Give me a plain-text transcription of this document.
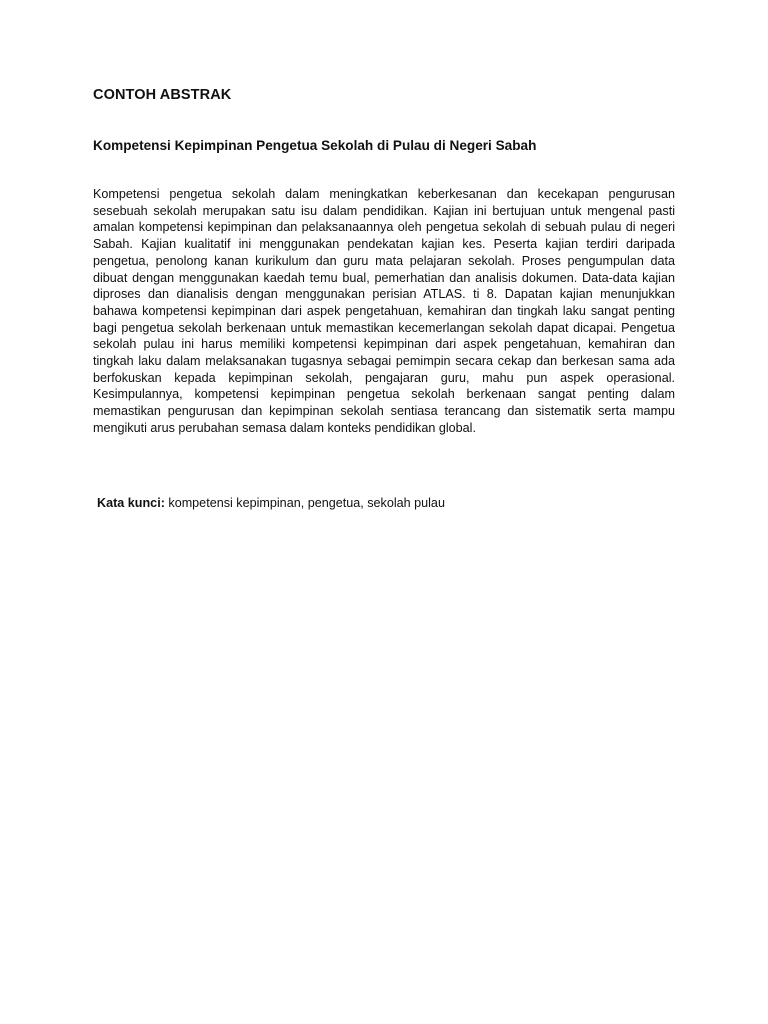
CONTOH ABSTRAK

Kompetensi Kepimpinan Pengetua Sekolah di Pulau di Negeri Sabah

Kompetensi pengetua sekolah dalam meningkatkan keberkesanan dan kecekapan pengurusan sesebuah sekolah merupakan satu isu dalam pendidikan. Kajian ini bertujuan untuk mengenal pasti amalan kompetensi kepimpinan dan pelaksanaannya oleh pengetua sekolah di sebuah pulau di negeri Sabah. Kajian kualitatif ini menggunakan pendekatan kajian kes. Peserta kajian terdiri daripada pengetua, penolong kanan kurikulum dan guru mata pelajaran sekolah. Proses pengumpulan data dibuat dengan menggunakan kaedah temu bual, pemerhatian dan analisis dokumen. Data-data kajian diproses dan dianalisis dengan menggunakan perisian ATLAS. ti 8. Dapatan kajian menunjukkan bahawa kompetensi kepimpinan dari aspek pengetahuan, kemahiran dan tingkah laku sangat penting bagi pengetua sekolah berkenaan untuk memastikan kecemerlangan sekolah dapat dicapai. Pengetua sekolah pulau ini harus memiliki kompetensi kepimpinan dari aspek pengetahuan, kemahiran dan tingkah laku dalam melaksanakan tugasnya sebagai pemimpin secara cekap dan berkesan sama ada berfokuskan kepada kepimpinan sekolah, pengajaran guru, mahu pun aspek operasional. Kesimpulannya, kompetensi kepimpinan pengetua sekolah berkenaan sangat penting dalam memastikan pengurusan dan kepimpinan sekolah sentiasa terancang dan sistematik serta mampu mengikuti arus perubahan semasa dalam konteks pendidikan global.

Kata kunci: kompetensi kepimpinan, pengetua, sekolah pulau
